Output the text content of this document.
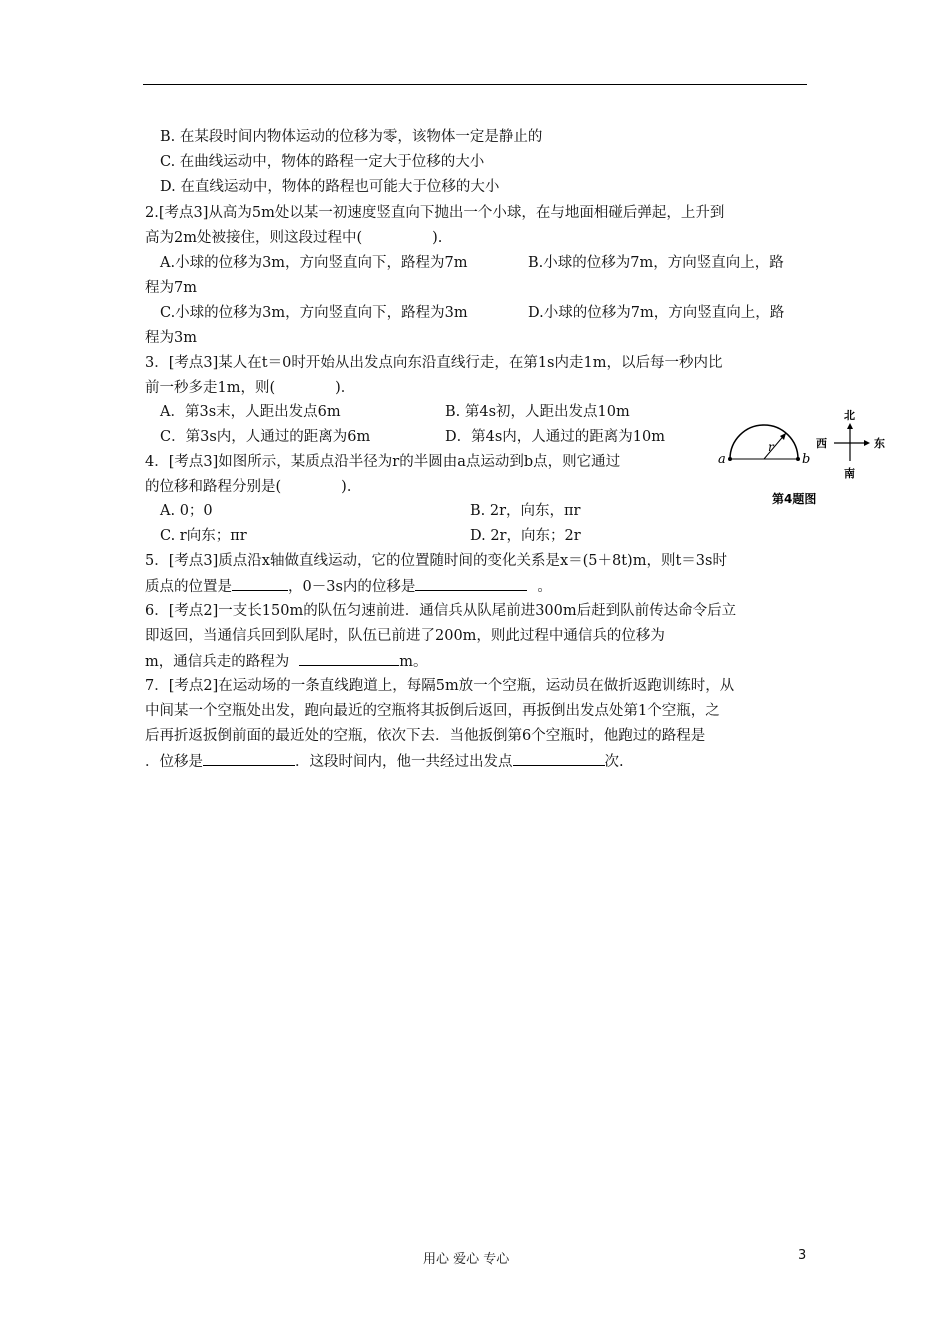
B. 在某段时间内物体运动的位移为零，该物体一定是静止的
C. 在曲线运动中，物体的路程一定大于位移的大小
D. 在直线运动中，物体的路程也可能大于位移的大小
2.[考点3]从高为5m处以某一初速度竖直向下抛出一个小球，在与地面相碰后弹起，上升到
高为2m处被接住，则这段过程中(	).
A.小球的位移为3m，方向竖直向下，路程为7m	B.小球的位移为7m，方向竖直向上，路
程为7m
C.小球的位移为3m，方向竖直向下，路程为3m	D.小球的位移为7m，方向竖直向上，路
程为3m
3．[考点3]某人在t＝0时开始从出发点向东沿直线行走，在第1s内走1m，以后每一秒内比
前一秒多走1m，则(	)．
A．第3s末，人距出发点6m	B. 第4s初，人距出发点10m
C．第3s内，人通过的距离为6m	D．第4s内，人通过的距离为10m
4．[考点3]如图所示，某质点沿半径为r的半圆由a点运动到b点，则它通过
的位移和路程分别是(	)．
A. 0；0	B. 2r，向东，πr
C. r向东；πr	D. 2r，向东；2r
a	b
r
北
南
东
西
第4题图
5．[考点3]质点沿x轴做直线运动，它的位置随时间的变化关系是x＝(5＋8t)m，则t＝3s时
质点的位置是	，0－3s内的位移是	。
6．[考点2]一支长150m的队伍匀速前进．通信兵从队尾前进300m后赶到队前传达命令后立
即返回，当通信兵回到队尾时，队伍已前进了200m，则此过程中通信兵的位移为
m，通信兵走的路程为	m。
7．[考点2]在运动场的一条直线跑道上，每隔5m放一个空瓶，运动员在做折返跑训练时，从
中间某一个空瓶处出发，跑向最近的空瓶将其扳倒后返回，再扳倒出发点处第1个空瓶，之
后再折返扳倒前面的最近处的空瓶，依次下去．当他扳倒第6个空瓶时，他跑过的路程是
．位移是	．这段时间内，他一共经过出发点	次.
用心 爱心 专心	3
